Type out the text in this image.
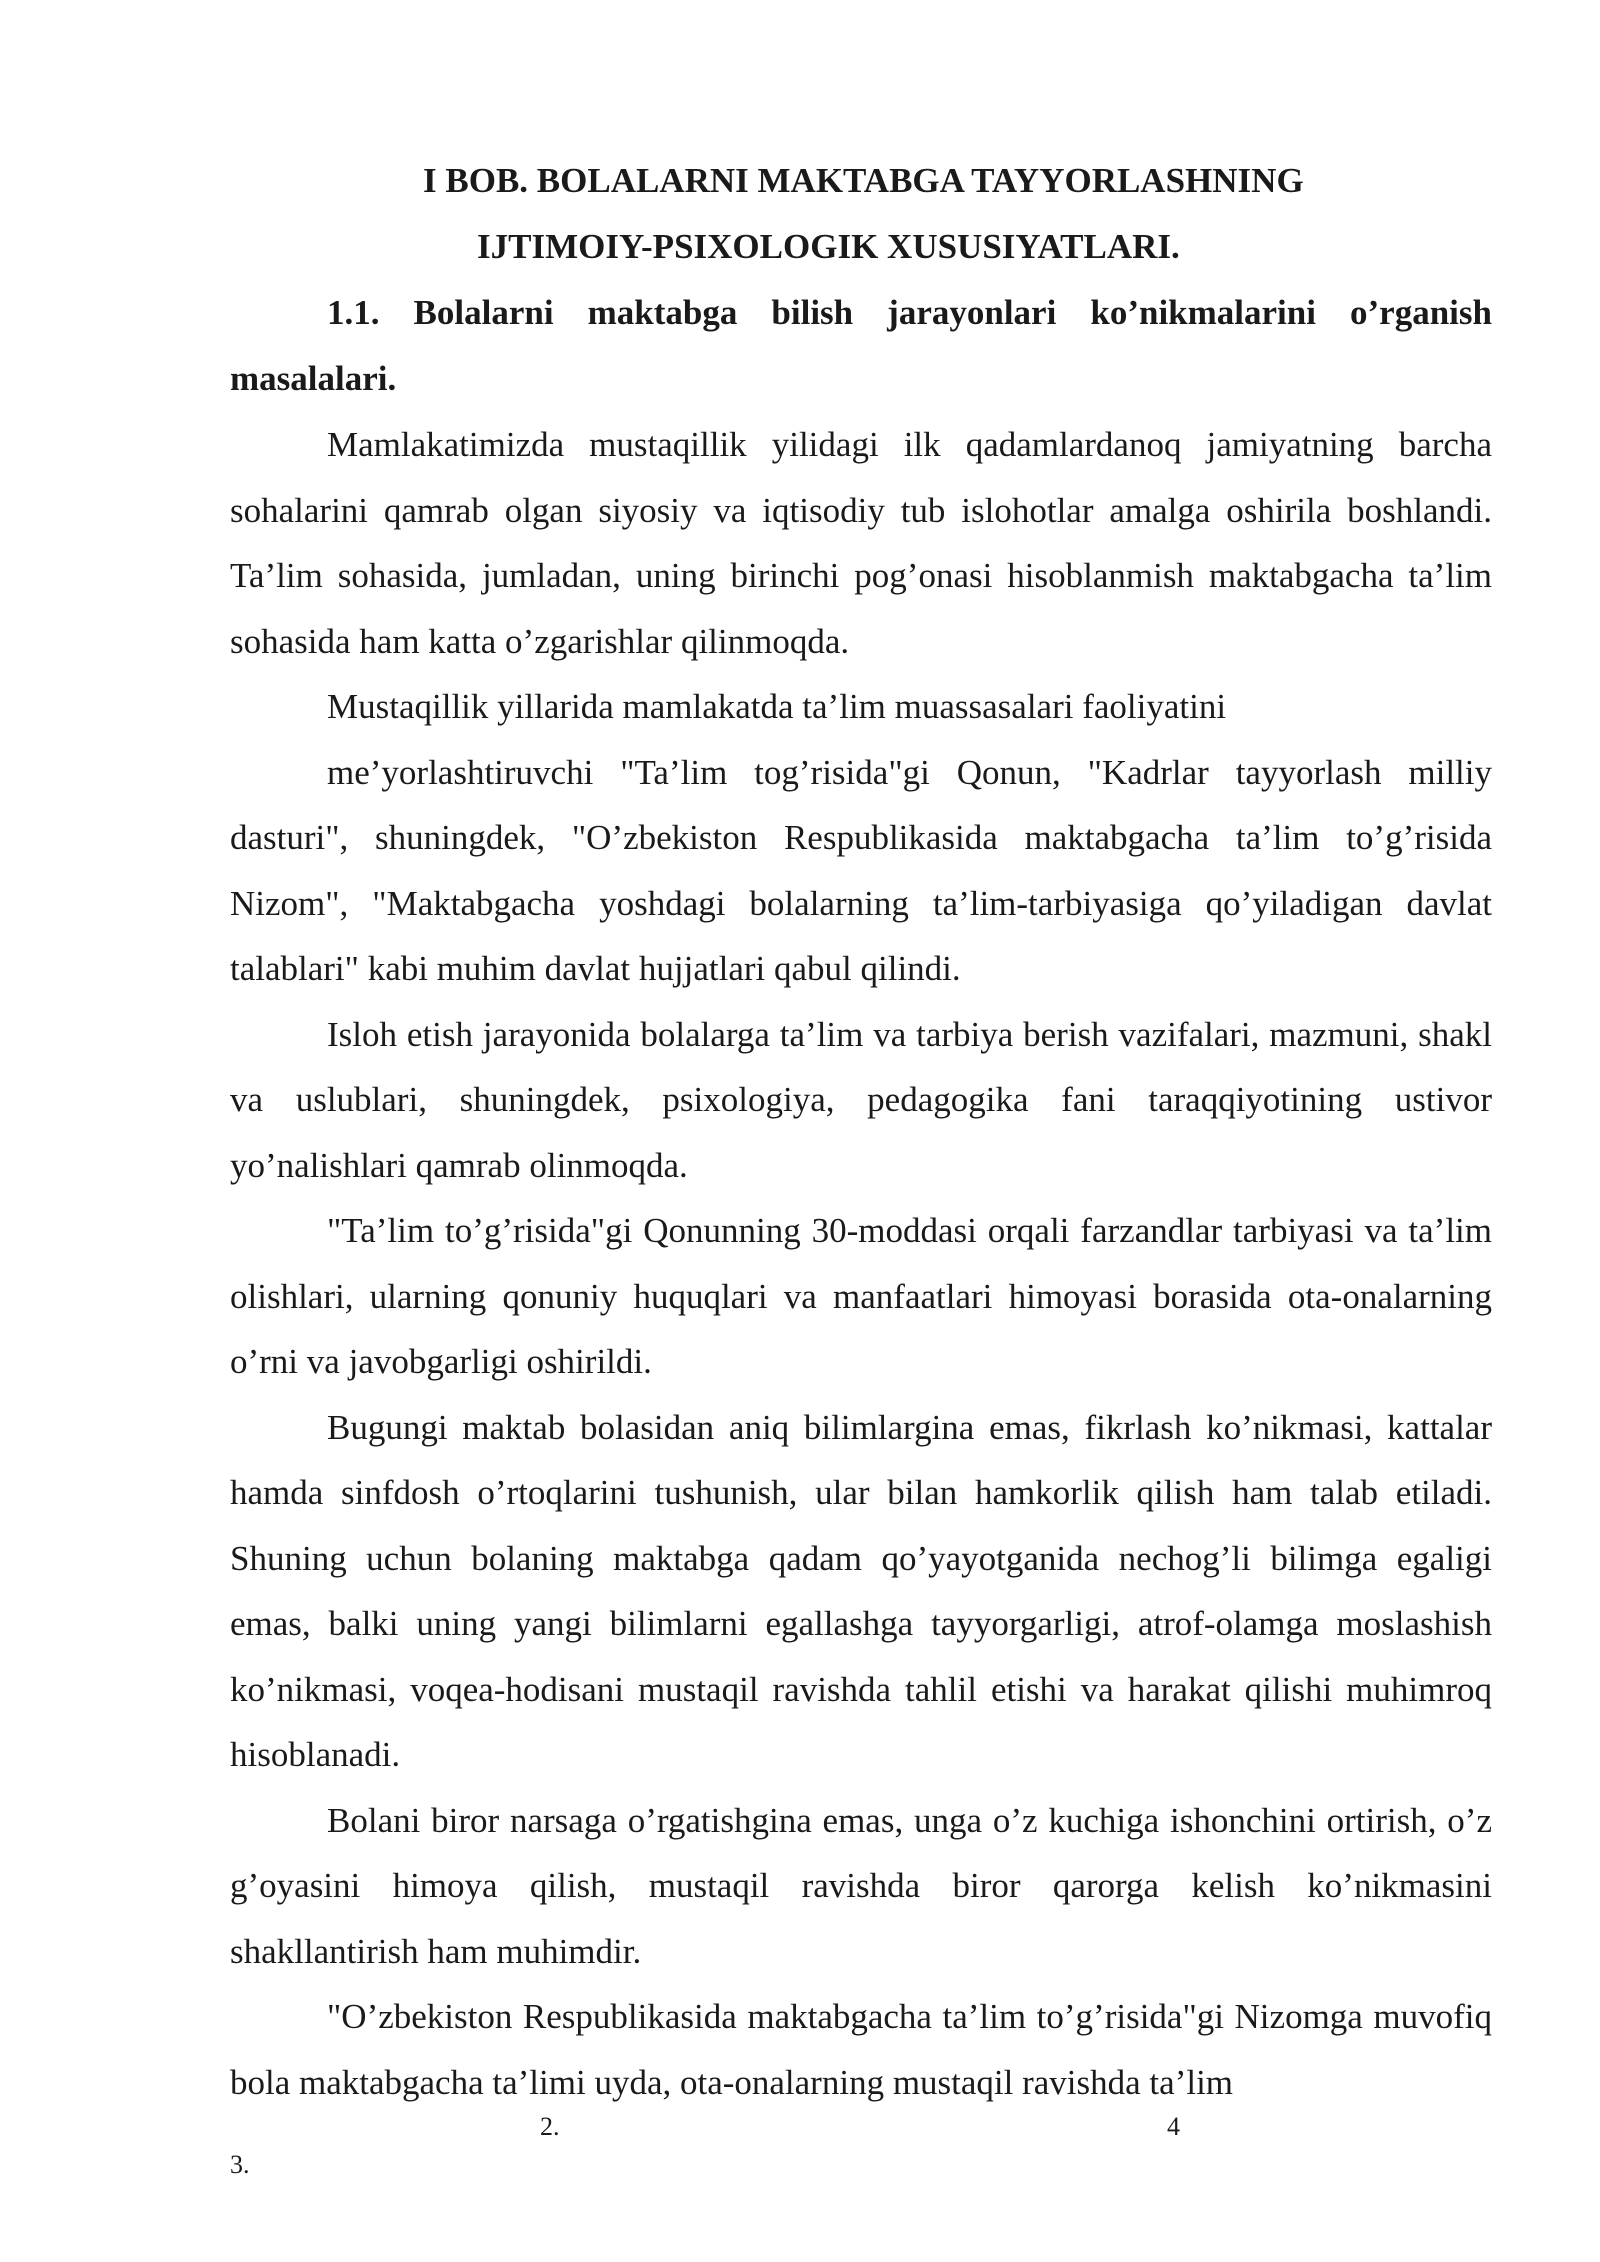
I BOB. BOLALARNI MAKTABGA TAYYORLASHNING
IJTIMOIY-PSIXOLOGIK XUSUSIYATLARI.
1.1. Bolalarni maktabga bilish jarayonlari ko’nikmalarini o’rganish masalalari.

Mamlakatimizda mustaqillik yilidagi ilk qadamlardanoq jamiyatning barcha sohalarini qamrab olgan siyosiy va iqtisodiy tub islohotlar amalga oshirila boshlandi. Ta’lim sohasida, jumladan, uning birinchi pog’onasi hisoblanmish maktabgacha ta’lim sohasida ham katta o’zgarishlar qilinmoqda.

Mustaqillik yillarida mamlakatda ta’lim muassasalari faoliyatini

me’yorlashtiruvchi "Ta’lim tog’risida"gi Qonun, "Kadrlar tayyorlash milliy dasturi", shuningdek, "O’zbekiston Respublikasida maktabgacha ta’lim to’g’risida Nizom", "Maktabgacha yoshdagi bolalarning ta’lim-tarbiyasiga qo’yiladigan davlat talablari" kabi muhim davlat hujjatlari qabul qilindi.

Isloh etish jarayonida bolalarga ta’lim va tarbiya berish vazifalari, mazmuni, shakl va uslublari, shuningdek, psixologiya, pedagogika fani taraqqiyotining ustivor yo’nalishlari qamrab olinmoqda.

"Ta’lim to’g’risida"gi Qonunning 30-moddasi orqali farzandlar tarbiyasi va ta’lim olishlari, ularning qonuniy huquqlari va manfaatlari himoyasi borasida ota-onalarning o’rni va javobgarligi oshirildi.

Bugungi maktab bolasidan aniq bilimlargina emas, fikrlash ko’nikmasi, kattalar hamda sinfdosh o’rtoqlarini tushunish, ular bilan hamkorlik qilish ham talab etiladi. Shuning uchun bolaning maktabga qadam qo’yayotganida nechog’li bilimga egaligi emas, balki uning yangi bilimlarni egallashga tayyorgarligi, atrof-olamga moslashish ko’nikmasi, voqea-hodisani mustaqil ravishda tahlil etishi va harakat qilishi muhimroq hisoblanadi.

Bolani biror narsaga o’rgatishgina emas, unga o’z kuchiga ishonchini ortirish, o’z g’oyasini himoya qilish, mustaqil ravishda biror qarorga kelish ko’nikmasini shakllantirish ham muhimdir.

"O’zbekiston Respublikasida maktabgacha ta’lim to’g’risida"gi Nizomga muvofiq bola maktabgacha ta’limi uyda, ota-onalarning mustaqil ravishda ta’lim

2.	4
3.
